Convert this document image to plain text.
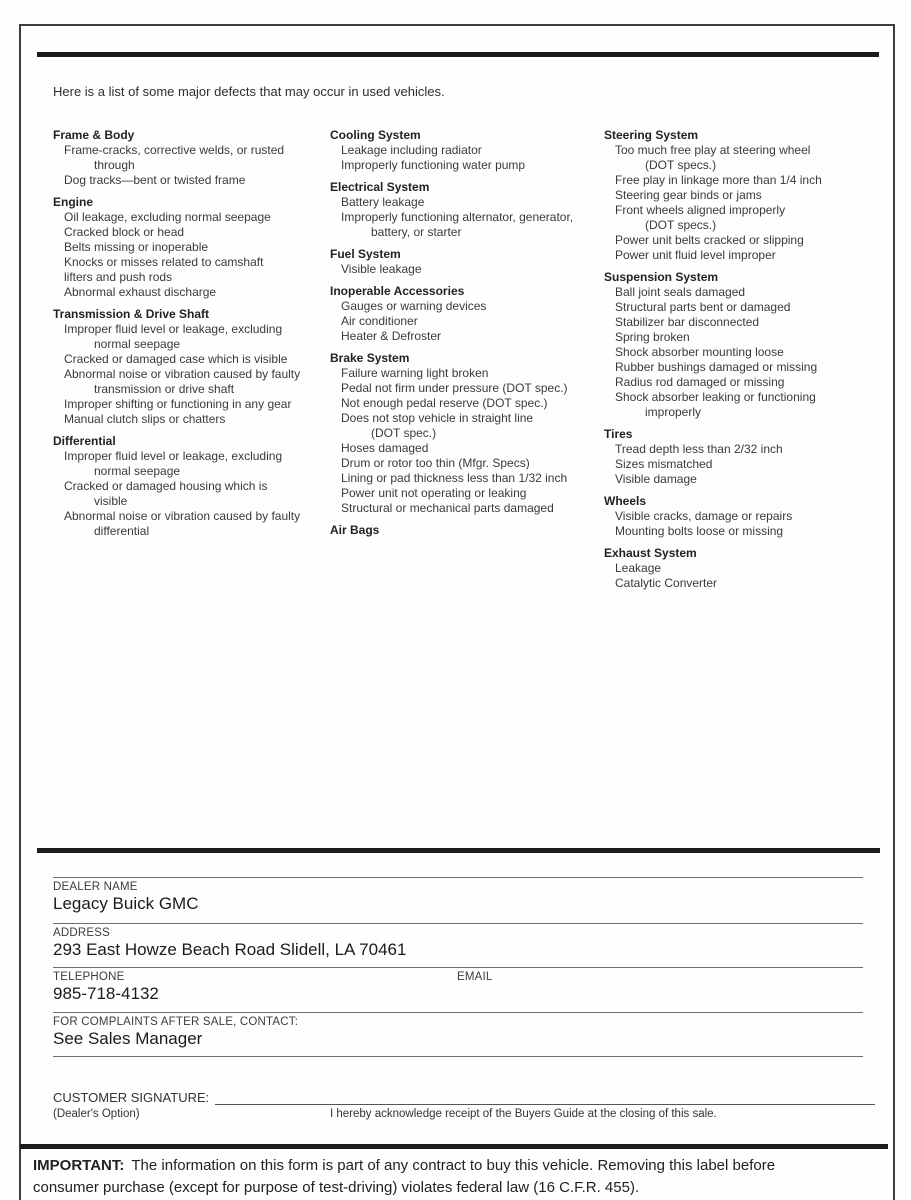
Here is a list of some major defects that may occur in used vehicles.
Frame & Body
Frame-cracks, corrective welds, or rusted
through
Dog tracks—bent or twisted frame
Engine
Oil leakage, excluding normal seepage
Cracked block or head
Belts missing or inoperable
Knocks or misses related to camshaft
lifters and push rods
Abnormal exhaust discharge
Transmission & Drive Shaft
Improper fluid level or leakage, excluding
normal seepage
Cracked or damaged case which is visible
Abnormal noise or vibration caused by faulty
transmission or drive shaft
Improper shifting or functioning in any gear
Manual clutch slips or chatters
Differential
Improper fluid level or leakage, excluding
normal seepage
Cracked or damaged housing which is
visible
Abnormal noise or vibration caused by faulty
differential
Cooling System
Leakage including radiator
Improperly functioning water pump
Electrical System
Battery leakage
Improperly functioning alternator, generator,
battery, or starter
Fuel System
Visible leakage
Inoperable Accessories
Gauges or warning devices
Air conditioner
Heater & Defroster
Brake System
Failure warning light broken
Pedal not firm under pressure (DOT spec.)
Not enough pedal reserve (DOT spec.)
Does not stop vehicle in straight line
(DOT spec.)
Hoses damaged
Drum or rotor too thin (Mfgr. Specs)
Lining or pad thickness less than 1/32 inch
Power unit not operating or leaking
Structural or mechanical parts damaged
Air Bags
Steering System
Too much free play at steering wheel
(DOT specs.)
Free play in linkage more than 1/4 inch
Steering gear binds or jams
Front wheels aligned improperly
(DOT specs.)
Power unit belts cracked or slipping
Power unit fluid level improper
Suspension System
Ball joint seals damaged
Structural parts bent or damaged
Stabilizer bar disconnected
Spring broken
Shock absorber mounting loose
Rubber bushings damaged or missing
Radius rod damaged or missing
Shock absorber leaking or functioning
improperly
Tires
Tread depth less than 2/32 inch
Sizes mismatched
Visible damage
Wheels
Visible cracks, damage or repairs
Mounting bolts loose or missing
Exhaust System
Leakage
Catalytic Converter
DEALER NAME
Legacy Buick GMC
ADDRESS
293 East Howze Beach Road Slidell, LA 70461
TELEPHONE	EMAIL
985-718-4132
FOR COMPLAINTS AFTER SALE, CONTACT:
See Sales Manager
CUSTOMER SIGNATURE:
(Dealer's Option)	I hereby acknowledge receipt of the Buyers Guide at the closing of this sale.
IMPORTANT: The information on this form is part of any contract to buy this vehicle. Removing this label before
consumer purchase (except for purpose of test-driving) violates federal law (16 C.F.R. 455).
